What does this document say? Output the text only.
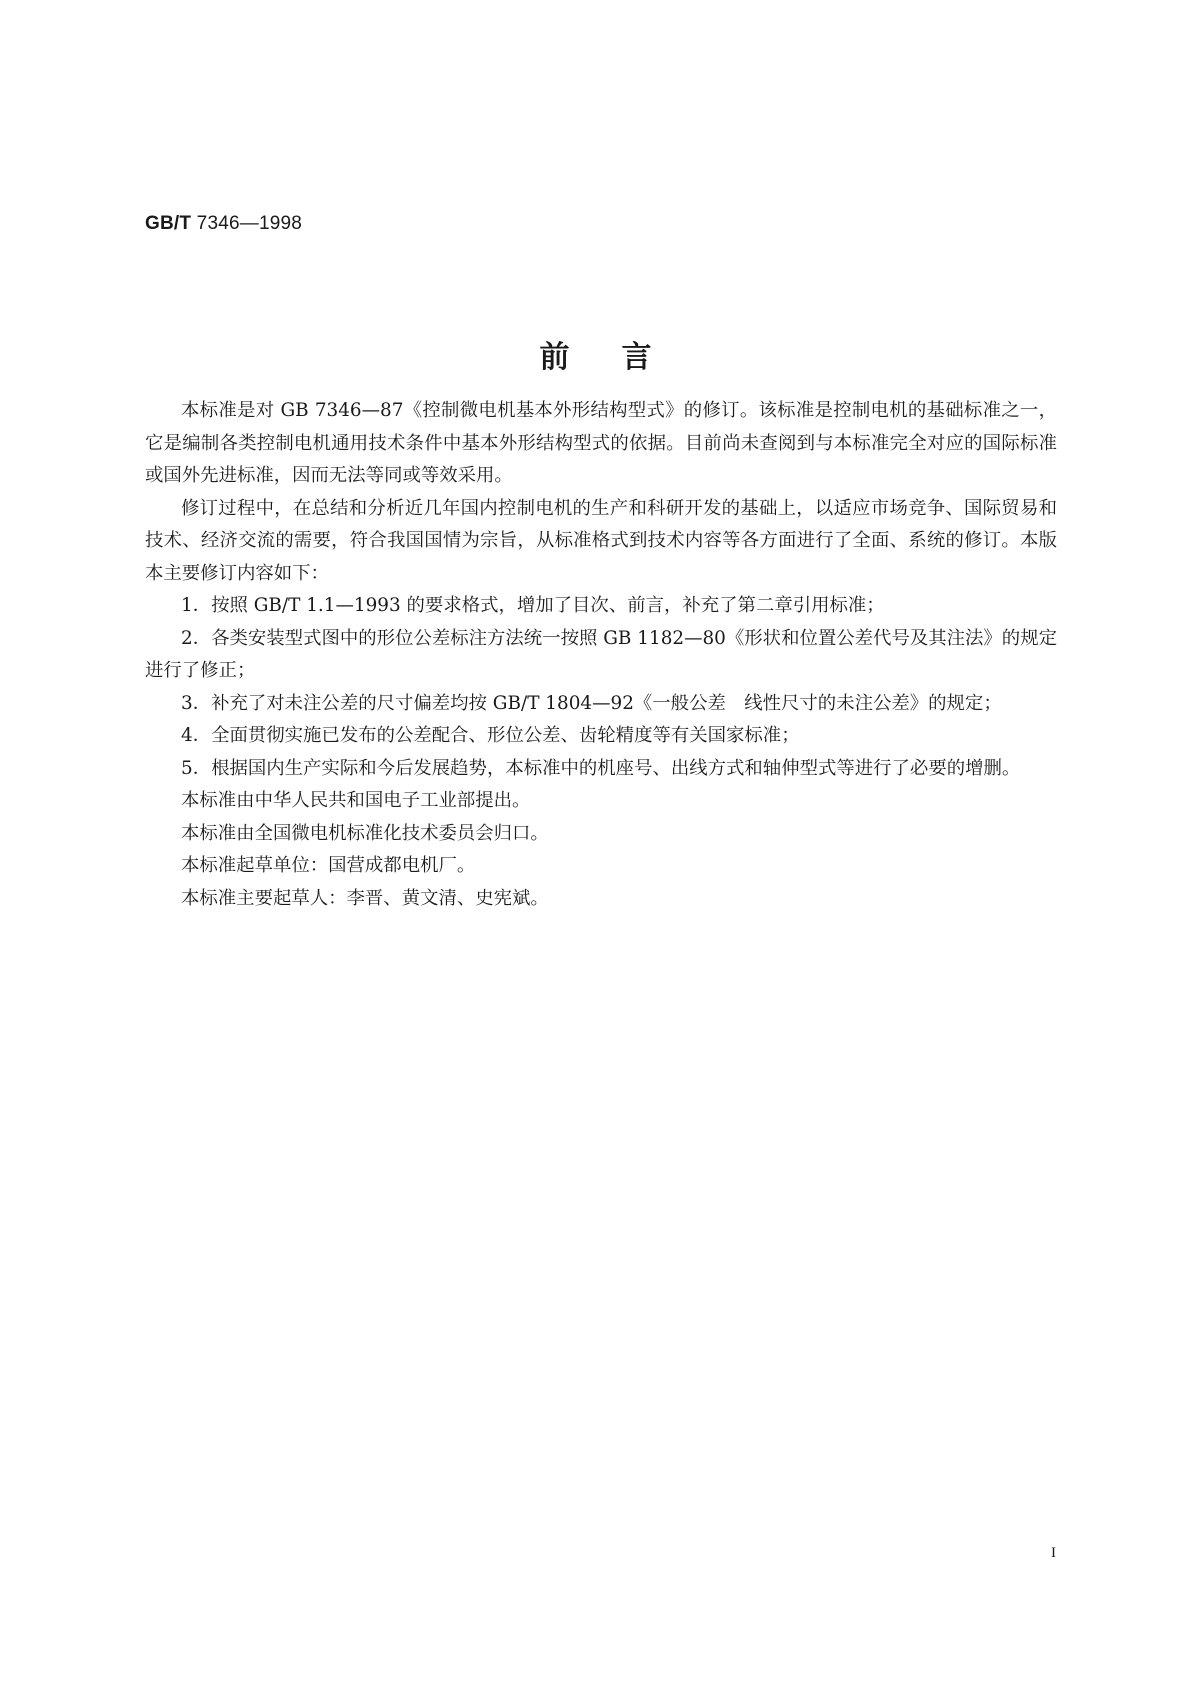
GB/T 7346—1998
前言

本标准是对 GB 7346—87《控制微电机基本外形结构型式》的修订。该标准是控制电机的基础标准之一，它是编制各类控制电机通用技术条件中基本外形结构型式的依据。目前尚未查阅到与本标准完全对应的国际标准或国外先进标准，因而无法等同或等效采用。

修订过程中，在总结和分析近几年国内控制电机的生产和科研开发的基础上，以适应市场竞争、国际贸易和技术、经济交流的需要，符合我国国情为宗旨，从标准格式到技术内容等各方面进行了全面、系统的修订。本版本主要修订内容如下：

1．按照 GB/T 1.1—1993 的要求格式，增加了目次、前言，补充了第二章引用标准；

2．各类安装型式图中的形位公差标注方法统一按照 GB 1182—80《形状和位置公差代号及其注法》的规定进行了修正；

3．补充了对未注公差的尺寸偏差均按 GB/T 1804—92《一般公差　线性尺寸的未注公差》的规定；

4．全面贯彻实施已发布的公差配合、形位公差、齿轮精度等有关国家标准；

5．根据国内生产实际和今后发展趋势，本标准中的机座号、出线方式和轴伸型式等进行了必要的增删。

本标准由中华人民共和国电子工业部提出。

本标准由全国微电机标准化技术委员会归口。

本标准起草单位：国营成都电机厂。

本标准主要起草人：李晋、黄文清、史宪斌。

I
